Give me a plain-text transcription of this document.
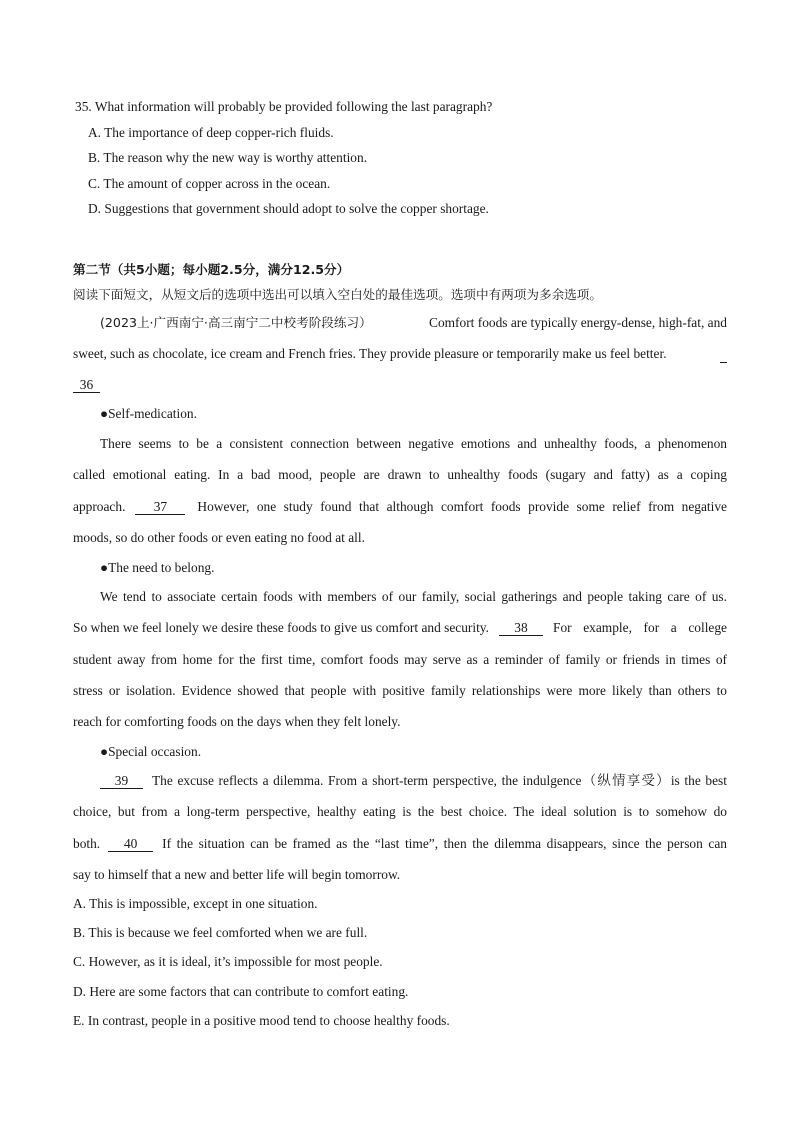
35. What information will probably be provided following the last paragraph?
A. The importance of deep copper-rich fluids.
B. The reason why the new way is worthy attention.
C. The amount of copper across in the ocean.
D. Suggestions that government should adopt to solve the copper shortage.
第二节（共5小题；每小题2.5分，满分12.5分）
阅读下面短文，从短文后的选项中选出可以填入空白处的最佳选项。选项中有两项为多余选项。
(2023上·广西南宁·高三南宁二中校考阶段练习）	Comfort foods are typically energy-dense, high-fat, and
sweet, such as chocolate, ice cream and French fries. They provide pleasure or temporarily make us feel better.
36
●Self-medication.
There seems to be a consistent connection between negative emotions and unhealthy foods, a phenomenon
called emotional eating. In a bad mood, people are drawn to unhealthy foods (sugary and fatty) as a coping
approach.	37	However, one study found that although comfort foods provide some relief from negative
moods, so do other foods or even eating no food at all.
●The need to belong.
We tend to associate certain foods with members of our family, social gatherings and people taking care of us.
So when we feel lonely we desire these foods to give us comfort and security.	38	For example, for a college
student away from home for the first time, comfort foods may serve as a reminder of family or friends in times of
stress or isolation. Evidence showed that people with positive family relationships were more likely than others to
reach for comforting foods on the days when they felt lonely.
●Special occasion.
39	The excuse reflects a dilemma. From a short-term perspective, the indulgence（纵情享受）is the best
choice, but from a long-term perspective, healthy eating is the best choice. The ideal solution is to somehow do
both.	40	If the situation can be framed as the “last time”, then the dilemma disappears, since the person can
say to himself that a new and better life will begin tomorrow.
A. This is impossible, except in one situation.
B. This is because we feel comforted when we are full.
C. However, as it is ideal, it’s impossible for most people.
D. Here are some factors that can contribute to comfort eating.
E. In contrast, people in a positive mood tend to choose healthy foods.
